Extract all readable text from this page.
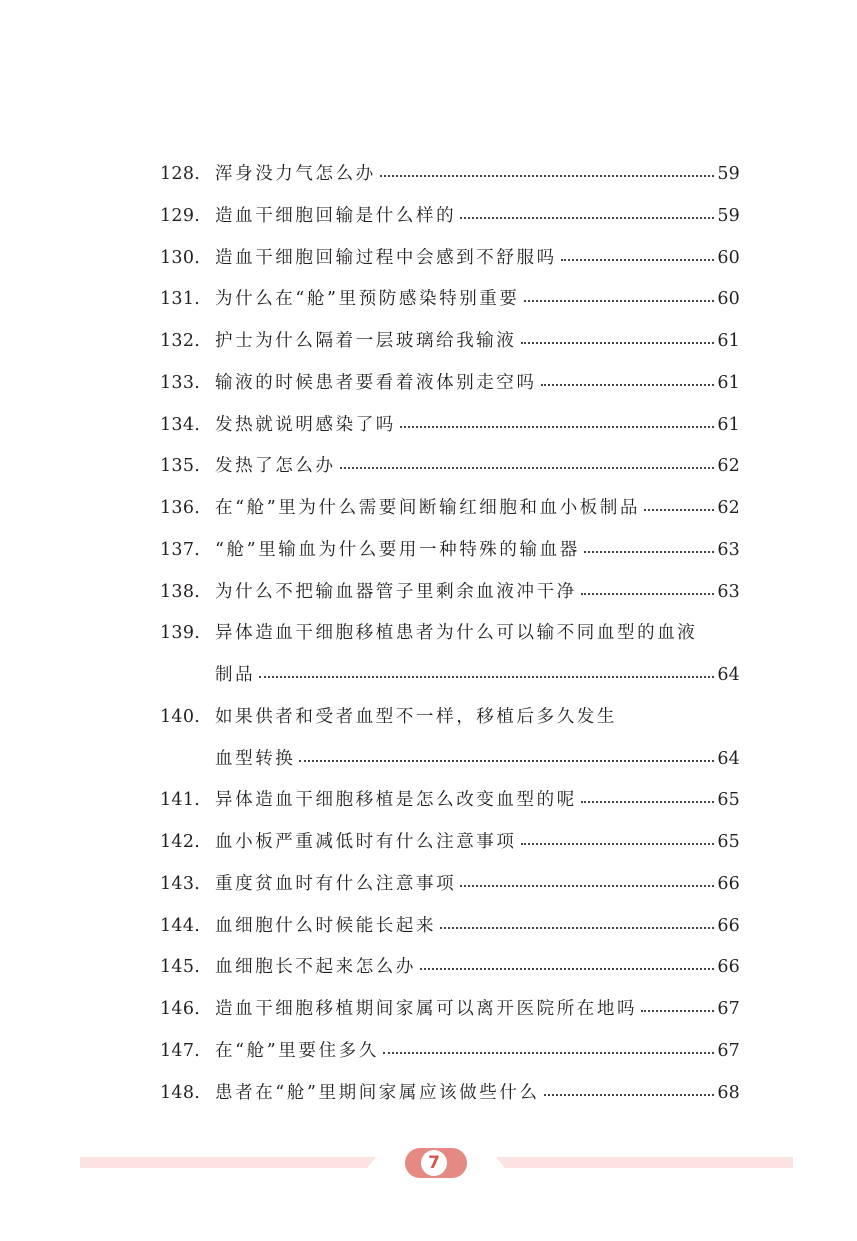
128. 浑身没力气怎么办	59
129. 造血干细胞回输是什么样的	59
130. 造血干细胞回输过程中会感到不舒服吗	60
131. 为什么在“舱”里预防感染特别重要	60
132. 护士为什么隔着一层玻璃给我输液	61
133. 输液的时候患者要看着液体别走空吗	61
134. 发热就说明感染了吗	61
135. 发热了怎么办	62
136. 在“舱”里为什么需要间断输红细胞和血小板制品	62
137. “舱”里输血为什么要用一种特殊的输血器	63
138. 为什么不把输血器管子里剩余血液冲干净	63
139. 异体造血干细胞移植患者为什么可以输不同血型的血液
制品	64
140. 如果供者和受者血型不一样，移植后多久发生
血型转换	64
141. 异体造血干细胞移植是怎么改变血型的呢	65
142. 血小板严重减低时有什么注意事项	65
143. 重度贫血时有什么注意事项	66
144. 血细胞什么时候能长起来	66
145. 血细胞长不起来怎么办	66
146. 造血干细胞移植期间家属可以离开医院所在地吗	67
147. 在“舱”里要住多久	67
148. 患者在“舱”里期间家属应该做些什么	68
7
